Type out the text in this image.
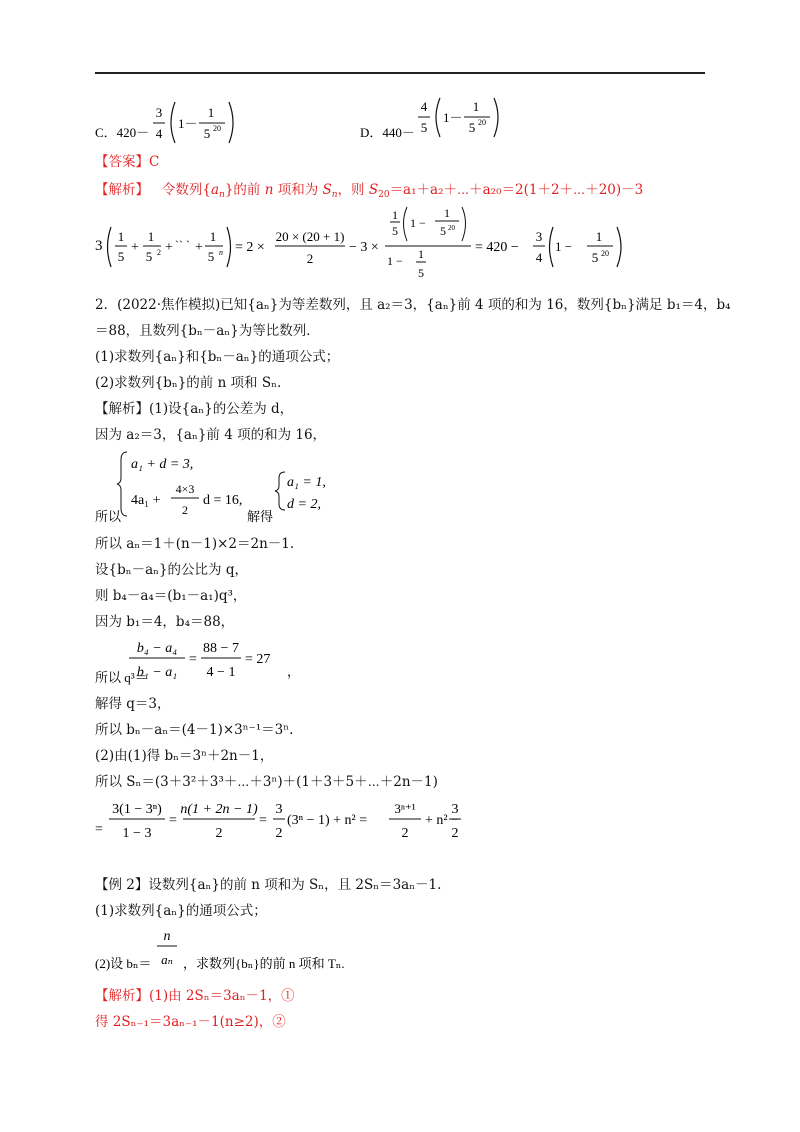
C．420－
3
4
1－
1
5 20	D．440－
4
5
1－
1
5 20
【答案】C
【解析】 令数列$\{a_n\}$的前 n 项和为 $S_n$，则 $S_{20}=a_1+a_2+\cdots+a_{20}=2(1+2+\cdots+20)-3$
3
1
5
+
1
5 2 + `` ` +
1
5 n = 2 ×
20 × (20 + 1)
2
− 3 ×
1
5
1 −
1
5 20
1 − 1
5
= 420 −
3
4
1 −
1
5 20
2．(2022·焦作模拟)已知{aₙ}为等差数列，且 a₂＝3，{aₙ}前 4 项的和为 16，数列{bₙ}满足 b₁＝4，b₄
＝88，且数列{bₙ－aₙ}为等比数列．
(1)求数列{aₙ}和{bₙ－aₙ}的通项公式；
(2)求数列{bₙ}的前 n 项和 Sₙ.
【解析】(1)设{aₙ}的公差为 d，
因为 a₂＝3，{aₙ}前 4 项的和为 16，
所以
a₁ + d = 3,
4a₁ +
4×3
2
d = 16,
解得
a₁ = 1,
d = 2,
所以 aₙ＝1＋(n－1)×2＝2n－1.
设{bₙ－aₙ}的公比为 q，
则 b₄－a₄＝(b₁－a₁)q³，
因为 b₁＝4，b₄＝88，
所以 q³＝
b₄ − a₄
b₁ − a₁
=
88 − 7
4 − 1
= 27
，
解得 q＝3，
所以 bₙ－aₙ＝(4－1)×3ⁿ⁻¹＝3ⁿ.
(2)由(1)得 bₙ＝3ⁿ＋2n－1，
所以 Sₙ＝(3＋3²＋3³＋⋯＋3ⁿ)＋(1＋3＋5＋⋯＋2n－1)
=
3(1 − 3ⁿ)
1 − 3
=
n(1 + 2n − 1)
2
=
3
2
(3ⁿ − 1) + n² =
3ⁿ⁺¹
2
+ n² −
3
2
【例 2】设数列{aₙ}的前 n 项和为 Sₙ，且 2Sₙ＝3aₙ－1.
(1)求数列{aₙ}的通项公式；
(2)设 bₙ＝
n
aₙ ，求数列{bₙ}的前 n 项和 Tₙ.
【解析】(1)由 2Sₙ＝3aₙ－1，①
得 2Sₙ₋₁＝3aₙ₋₁－1(n≥2)，②
